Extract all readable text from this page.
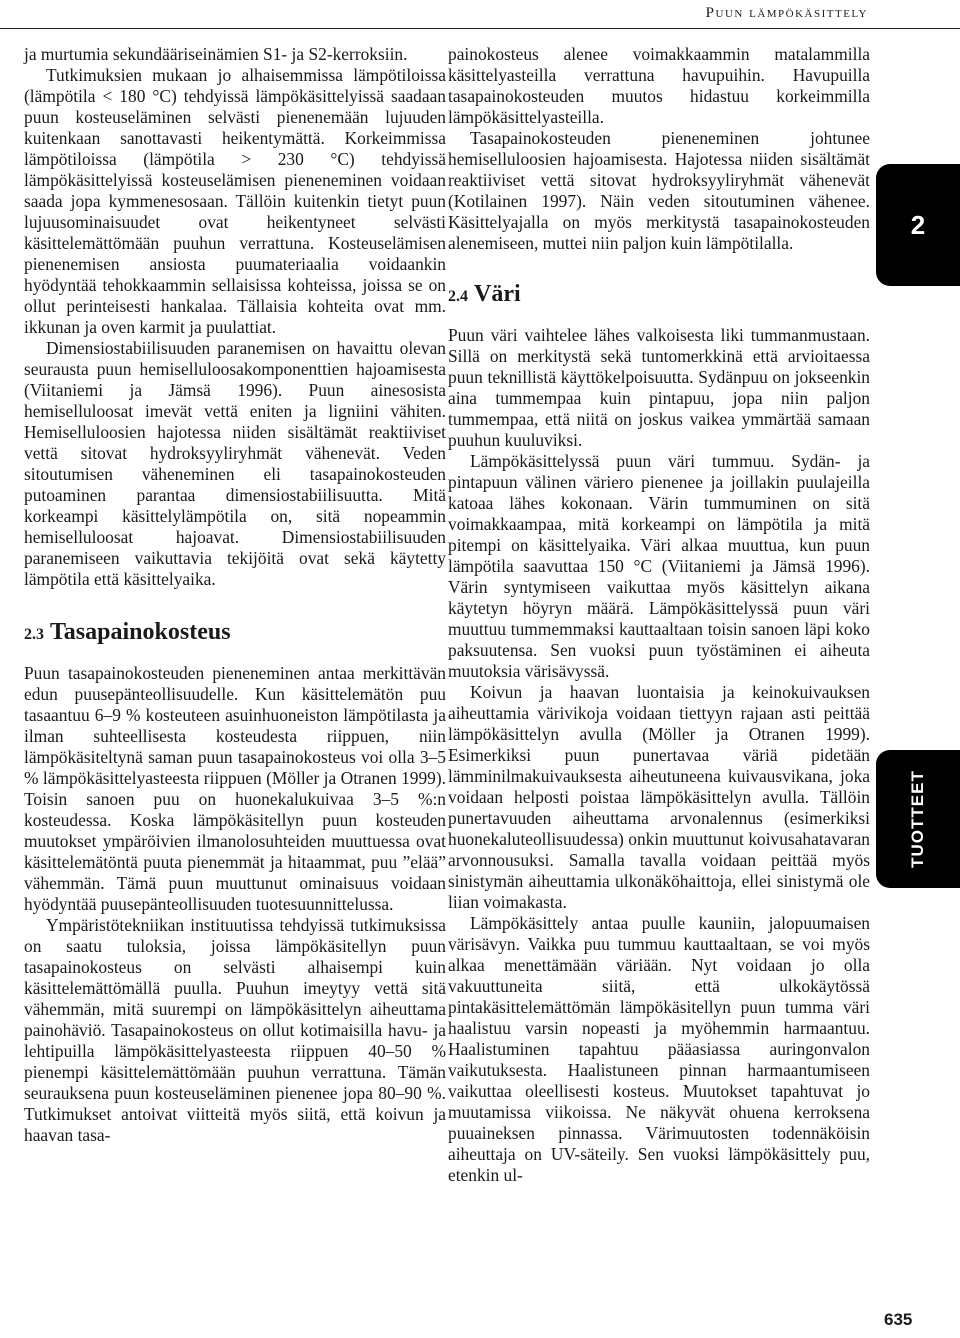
Puun lämpökäsittely

ja murtumia sekundääriseinämien S1- ja S2-kerroksiin.

Tutkimuksien mukaan jo alhaisemmissa lämpötiloissa (lämpötila < 180 °C) tehdyissä lämpökäsittelyissä saadaan puun kosteuseläminen selvästi pienenemään lujuuden kuitenkaan sanottavasti heikentymättä. Korkeimmissa lämpötiloissa (lämpötila > 230 °C) tehdyissä lämpökäsittelyissä kosteuselämisen pieneneminen voidaan saada jopa kymmenesosaan. Tällöin kuitenkin tietyt puun lujuusominaisuudet ovat heikentyneet selvästi käsittelemättömään puuhun verrattuna. Kosteuselämisen pienenemisen ansiosta puumateriaalia voidaankin hyödyntää tehokkaammin sellaisissa kohteissa, joissa se on ollut perinteisesti hankalaa. Tällaisia kohteita ovat mm. ikkunan ja oven karmit ja puulattiat.

Dimensiostabiilisuuden paranemisen on havaittu olevan seurausta puun hemiselluloosakomponenttien hajoamisesta (Viitaniemi ja Jämsä 1996). Puun ainesosista hemiselluloosat imevät vettä eniten ja ligniini vähiten. Hemiselluloosien hajotessa niiden sisältämät reaktiiviset vettä sitovat hydroksyyliryhmät vähenevät. Veden sitoutumisen väheneminen eli tasapainokosteuden putoaminen parantaa dimensiostabiilisuutta. Mitä korkeampi käsittelylämpötila on, sitä nopeammin hemiselluloosat hajoavat. Dimensiostabiilisuuden paranemiseen vaikuttavia tekijöitä ovat sekä käytetty lämpötila että käsittelyaika.

2.3 Tasapainokosteus

Puun tasapainokosteuden pieneneminen antaa merkittävän edun puusepänteollisuudelle. Kun käsittelemätön puu tasaantuu 6–9 % kosteuteen asuinhuoneiston lämpötilasta ja ilman suhteellisesta kosteudesta riippuen, niin lämpökäsiteltynä saman puun tasapainokosteus voi olla 3–5 % lämpökäsittelyasteesta riippuen (Möller ja Otranen 1999). Toisin sanoen puu on huonekalukuivaa 3–5 %:n kosteudessa. Koska lämpökäsitellyn puun kosteuden muutokset ympäröivien ilmanolosuhteiden muuttuessa ovat käsittelemätöntä puuta pienemmät ja hitaammat, puu ”elää” vähemmän. Tämä puun muuttunut ominaisuus voidaan hyödyntää puusepänteollisuuden tuotesuunnittelussa.

Ympäristötekniikan instituutissa tehdyissä tutkimuksissa on saatu tuloksia, joissa lämpökäsitellyn puun tasapainokosteus on selvästi alhaisempi kuin käsittelemättömällä puulla. Puuhun imeytyy vettä sitä vähemmän, mitä suurempi on lämpökäsittelyn aiheuttama painohäviö. Tasapainokosteus on ollut kotimaisilla havu- ja lehtipuilla lämpökäsittelyasteesta riippuen 40–50 % pienempi käsittelemättömään puuhun verrattuna. Tämän seurauksena puun kosteuseläminen pienenee jopa 80–90 %. Tutkimukset antoivat viitteitä myös siitä, että koivun ja haavan tasa-

painokosteus alenee voimakkaammin matalammilla käsittelyasteilla verrattuna havupuihin. Havupuilla tasapainokosteuden muutos hidastuu korkeimmilla lämpökäsittelyasteilla.

Tasapainokosteuden pieneneminen johtunee hemiselluloosien hajoamisesta. Hajotessa niiden sisältämät reaktiiviset vettä sitovat hydroksyyliryhmät vähenevät (Kotilainen 1997). Näin veden sitoutuminen vähenee. Käsittelyajalla on myös merkitystä tasapainokosteuden alenemiseen, muttei niin paljon kuin lämpötilalla.

2.4 Väri

Puun väri vaihtelee lähes valkoisesta liki tummanmustaan. Sillä on merkitystä sekä tuntomerkkinä että arvioitaessa puun teknillistä käyttökelpoisuutta. Sydänpuu on jokseenkin aina tummempaa kuin pintapuu, jopa niin paljon tummempaa, että niitä on joskus vaikea ymmärtää samaan puuhun kuuluviksi.

Lämpökäsittelyssä puun väri tummuu. Sydän- ja pintapuun välinen väriero pienenee ja joillakin puulajeilla katoaa lähes kokonaan. Värin tummuminen on sitä voimakkaampaa, mitä korkeampi on lämpötila ja mitä pitempi on käsittelyaika. Väri alkaa muuttua, kun puun lämpötila saavuttaa 150 °C (Viitaniemi ja Jämsä 1996). Värin syntymiseen vaikuttaa myös käsittelyn aikana käytetyn höyryn määrä. Lämpökäsittelyssä puun väri muuttuu tummemmaksi kauttaaltaan toisin sanoen läpi koko paksuutensa. Sen vuoksi puun työstäminen ei aiheuta muutoksia värisävyssä.

Koivun ja haavan luontaisia ja keinokuivauksen aiheuttamia värivikoja voidaan tiettyyn rajaan asti peittää lämpökäsittelyn avulla (Möller ja Otranen 1999). Esimerkiksi puun punertavaa väriä pidetään lämminilmakuivauksesta aiheutuneena kuivausvikana, joka voidaan helposti poistaa lämpökäsittelyn avulla. Tällöin punertavuuden aiheuttama arvonalennus (esimerkiksi huonekaluteollisuudessa) onkin muuttunut koivusahatavaran arvonnousuksi. Samalla tavalla voidaan peittää myös sinistymän aiheuttamia ulkonäköhaittoja, ellei sinistymä ole liian voimakasta.

Lämpökäsittely antaa puulle kauniin, jalopuumaisen värisävyn. Vaikka puu tummuu kauttaaltaan, se voi myös alkaa menettämään väriään. Nyt voidaan jo olla vakuuttuneita siitä, että ulkokäytössä pintakäsittelemättömän lämpökäsitellyn puun tumma väri haalistuu varsin nopeasti ja myöhemmin harmaantuu. Haalistuminen tapahtuu pääasiassa auringonvalon vaikutuksesta. Haalistuneen pinnan harmaantumiseen vaikuttaa oleellisesti kosteus. Muutokset tapahtuvat jo muutamissa viikoissa. Ne näkyvät ohuena kerroksena puuaineksen pinnassa. Värimuutosten todennäköisin aiheuttaja on UV-säteily. Sen vuoksi lämpökäsittely puu, etenkin ul-

2
TUOTTEET
635
